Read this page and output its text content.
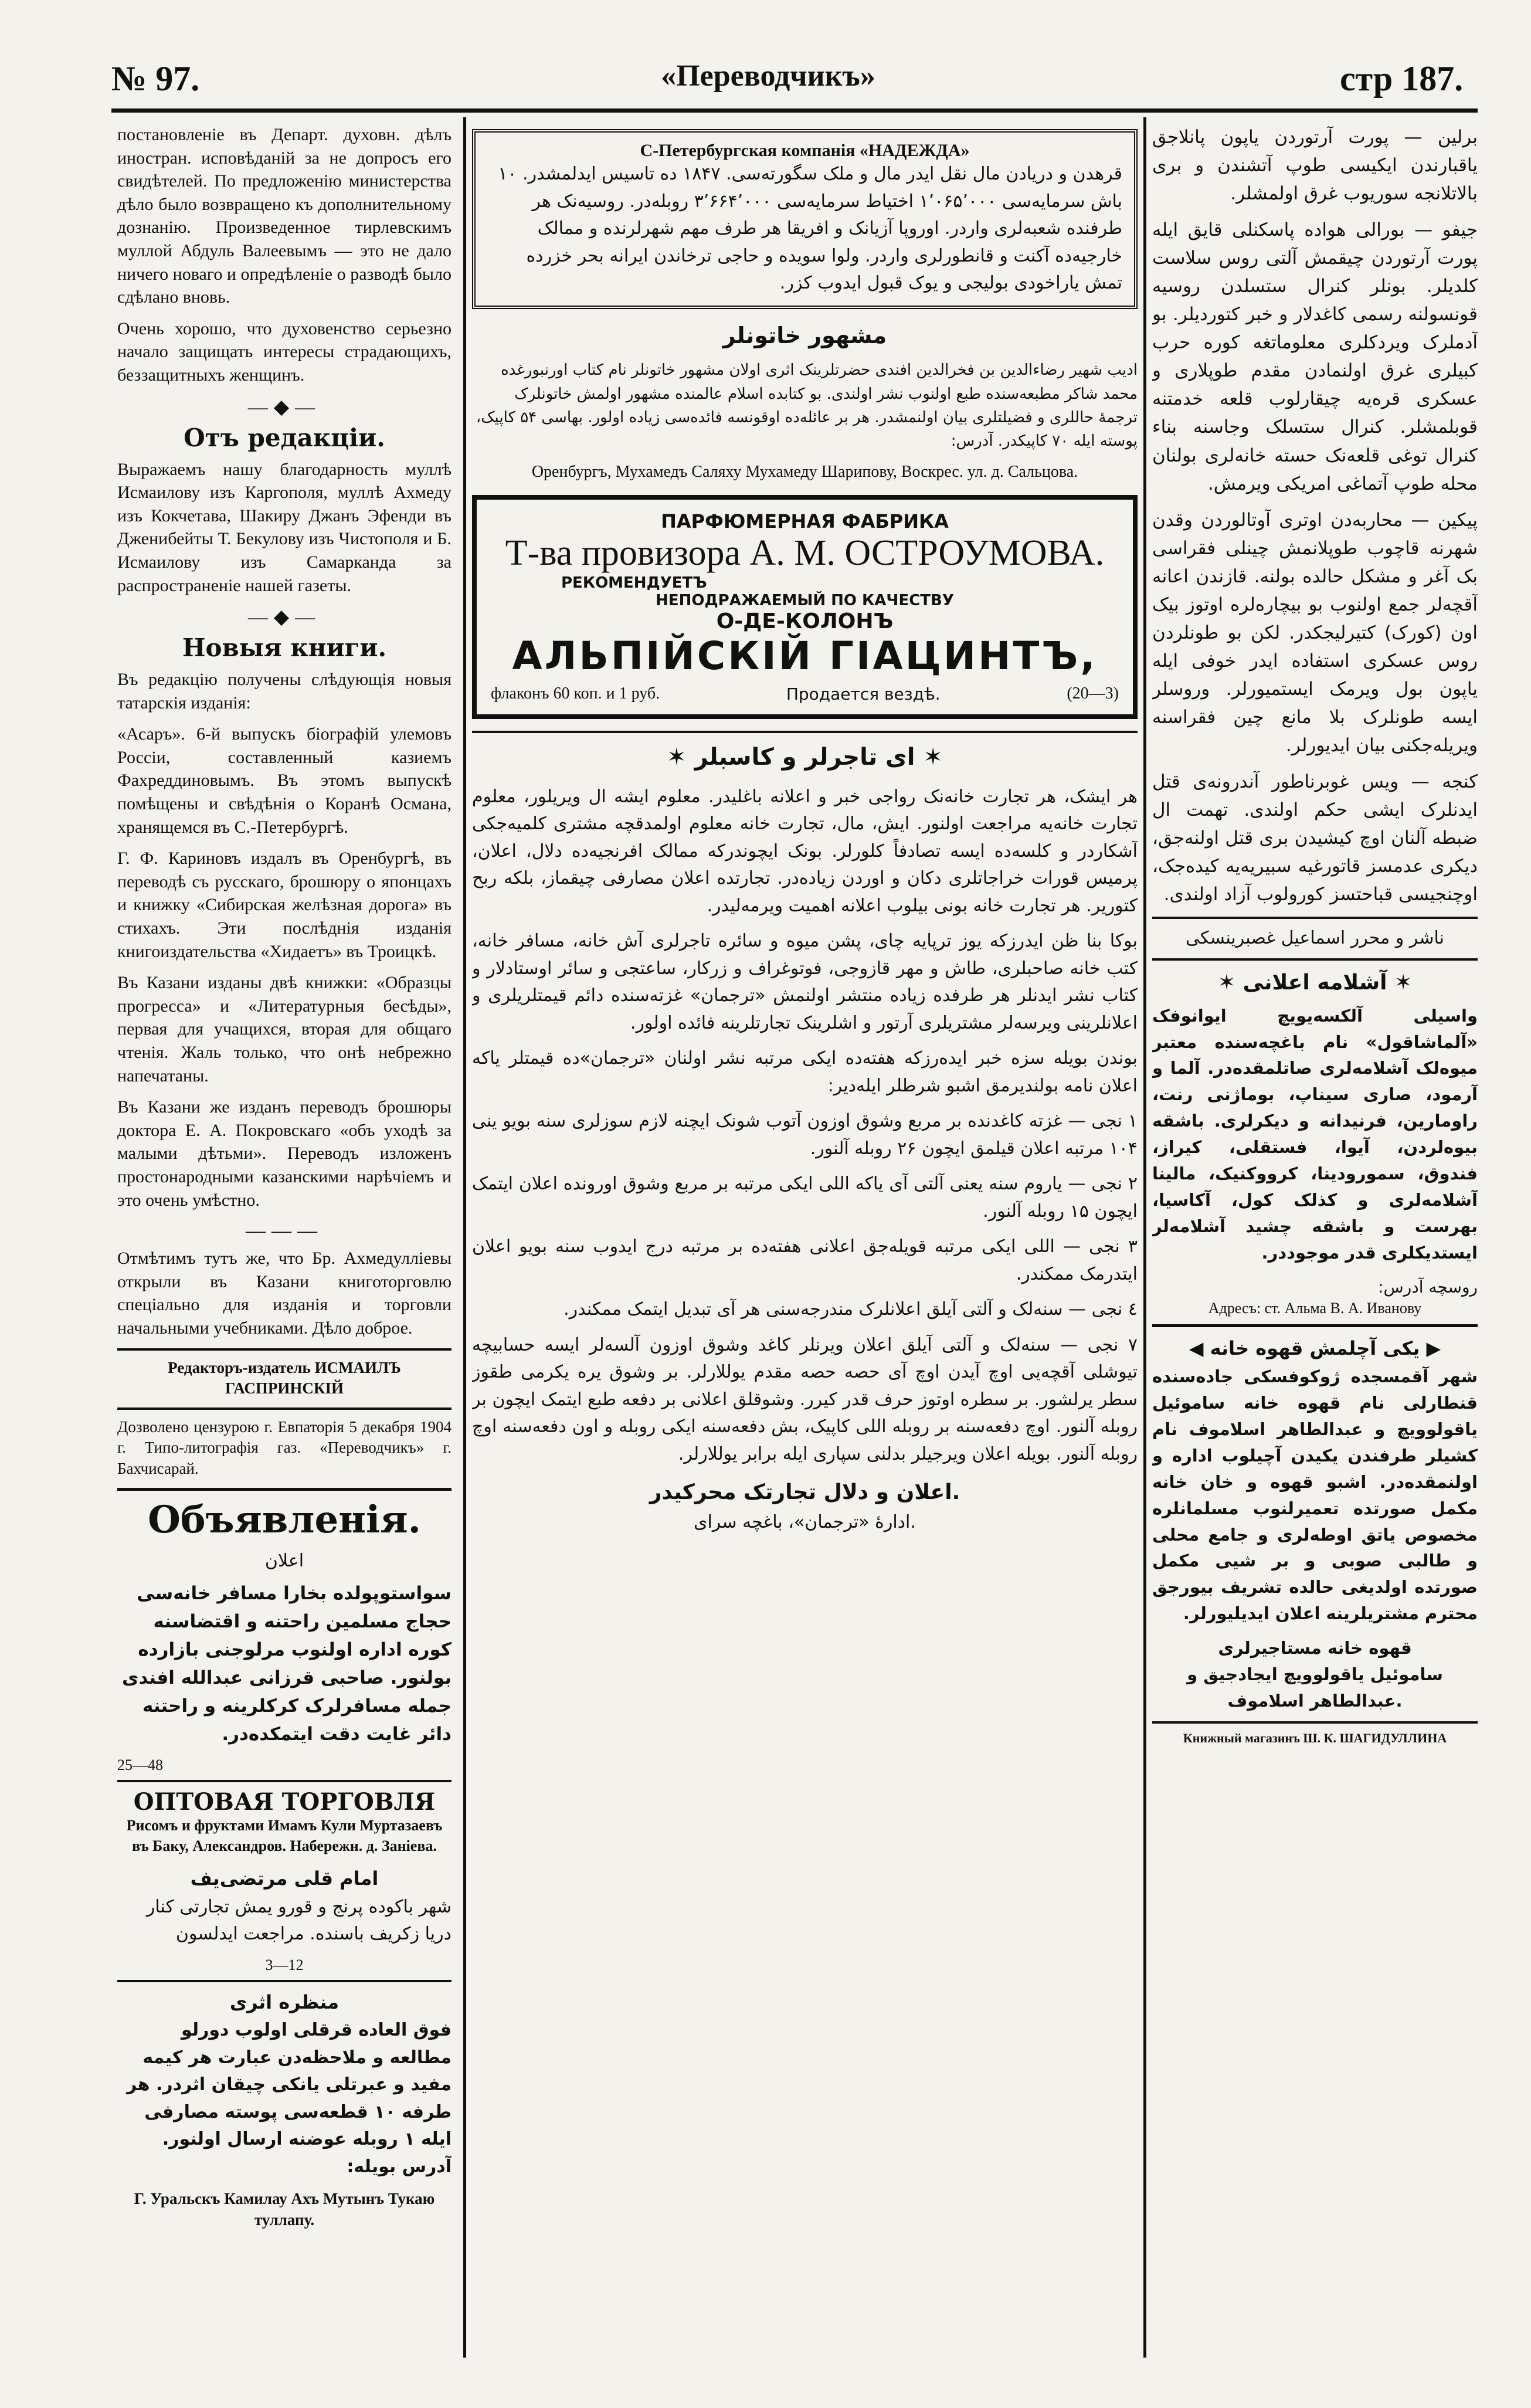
№ 97.	«Переводчикъ»	стр 187.

постановленіе въ Департ. духовн. дѣлъ иностран. исповѣданій за не допросъ его свидѣтелей. По предложенію министерства дѣло было возвращено къ дополнительному дознанію. Произведенное тирлевскимъ муллой Абдуль Валеевымъ — это не дало ничего новаго и опредѣленіе о разводѣ было сдѣлано вновь.

Очень хорошо, что духовенство серьезно начало защищать интересы страдающихъ, беззащитныхъ женщинъ.

—◆—
Отъ редакціи.

Выражаемъ нашу благодарность муллѣ Исмаилову изъ Каргополя, муллѣ Ахмеду изъ Кокчетава, Шакиру Джанъ Эфенди въ Дженибейты Т. Бекулову изъ Чистополя и Б. Исмаилову изъ Самарканда за распространеніе нашей газеты.

—◆—
Новыя книги.

Въ редакцію получены слѣдующія новыя татарскія изданія:

«Асаръ». 6-й выпускъ біографій улемовъ Россіи, составленный казиемъ Фахреддиновымъ. Въ этомъ выпускѣ помѣщены и свѣдѣнія о Коранѣ Османа, хранящемся въ С.-Петербургѣ.

Г. Ф. Кариновъ издалъ въ Оренбургѣ, въ переводѣ съ русскаго, брошюру о японцахъ и книжку «Сибирская желѣзная дорога» въ стихахъ. Эти послѣднія изданія книгоиздательства «Хидаетъ» въ Троицкѣ.

Въ Казани изданы двѣ книжки: «Образцы прогресса» и «Литературныя бесѣды», первая для учащихся, вторая для общаго чтенія. Жаль только, что онѣ небрежно напечатаны.

Въ Казани же изданъ переводъ брошюры доктора Е. А. Покровскаго «объ уходѣ за малыми дѣтьми». Переводъ изложенъ простонародными казанскими нарѣчіемъ и это очень умѣстно.

———

Отмѣтимъ тутъ же, что Бр. Ахмедулліевы открыли въ Казани книготорговлю спеціально для изданія и торговли начальными учебниками. Дѣло доброе.

Редакторъ-издатель ИСМАИЛЪ ГАСПРИНСКІЙ

Дозволено цензурою г. Евпаторія 5 декабря 1904 г. Типо-литографія газ. «Переводчикъ» г. Бахчисарай.

Объявленія.
اعلان

سواستوپولده بخارا مسافر خانه‌سی حجاج مسلمین راحتنه و اقتضاسنه کوره اداره اولنوب مرلوجنی بازارده بولنور. صاحبی قرزانی عبدالله افندی جمله مسافرلرک کرکلرینه و راحتنه دائر غایت دقت ایتمکده‌در.

25—48
ОПТОВАЯ ТОРГОВЛЯ

Рисомъ и фруктами Имамъ Кули Муртазаевъ въ Баку, Александров. Набережн. д. Заніева.

امام قلی مرتضی‌یف

شهر باکوده پرنج و قورو یمش تجارتی کنار دریا زکریف باسنده. مراجعت ایدلسون

3—12
منظره اثری

فوق العاده قرقلی اولوب دورلو مطالعه و ملاحظه‌دن عبارت هر کیمه مفید و عبرتلی یانکی چیقان اثردر. هر طرفه ۱۰ قطعه‌سی پوسته مصارفی ایله ۱ روبله عوضنه ارسال اولنور. آدرس بویله:

Г. Уральскъ Камилау Ахъ Мутынъ Тукаю туллапу.

С-Петербургская компанія «НАДЕЖДА»

قرهدن و دریادن مال نقل ایدر مال و ملک سگورته‌سی. ۱۸۴۷ ده تاسیس ایدلمشدر. ۱۰ باش سرمایه‌سی ۱٬۰۶۵٬۰۰۰ اختیاط سرمایه‌سی ۳٬۶۶۴٬۰۰۰ روبله‌در. روسیه‌نک هر طرفنده شعبه‌لری واردر. اوروپا آزیانک و افریقا هر طرف مهم شهرلرنده و ممالک خارجیه‌ده آکنت و قانطورلری واردر. ولوا سویده و حاجی ترخاندن ایرانه بحر خزرده تمش یاراخودی بولیجی و یوک قبول ایدوب کزر.

مشهور خاتونلر

ادیب شهیر رضاءالدین بن فخرالدین افندی حضرتلرینک اثری اولان مشهور خاتونلر نام کتاب اورنبورغده محمد شاکر مطبعه‌سنده طبع اولنوب نشر اولندی. بو کتابده اسلام عالمنده مشهور اولمش خاتونلرک ترجمهٔ حاللری و فضیلتلری بیان اولنمشدر. هر بر عائله‌ده اوقونسه فائده‌سی زیاده اولور. بهاسی ۵۴ کاپیک، پوسته ایله ۷۰ کاپیکدر. آدرس:

Оренбургъ, Мухамедъ Саляху Мухамеду Шарипову, Воскрес. ул. д. Сальцова.

ПАРФЮМЕРНАЯ ФАБРИКА
Т-ва провизора А. М. ОСТРОУМОВА.
РЕКОМЕНДУЕТЪ
НЕПОДРАЖАЕМЫЙ ПО КАЧЕСТВУ
О-ДЕ-КОЛОНЪ
АЛЬПІЙСКІЙ ГІАЦИНТЪ,
флаконъ 60 коп. и 1 руб.	Продается вездѣ.	(20—3)
✶ ای تاجرلر و کاسبلر ✶

هر ایشک، هر تجارت خانه‌نک رواجی خبر و اعلانه باغلیدر. معلوم ایشه ال ویریلور، معلوم تجارت خانه‌یه مراجعت اولنور. ایش، مال، تجارت خانه معلوم اولمدقچه مشتری کلمیه‌جکی آشکاردر و کلسه‌ده ایسه تصادفاً کلورلر. بونک ایچوندرکه ممالک افرنجیه‌ده دلال، اعلان، پرمیس قورات خراجاتلری دکان و اوردن زیاده‌در. تجارتده اعلان مصارفی چیقماز، بلکه ربح کتوریر. هر تجارت خانه بونی بیلوب اعلانه اهمیت ویرمه‌لیدر.

بوکا بنا ظن ایدرزکه یوز ترپایه چای، پشن میوه و سائره تاجرلری آش خانه، مسافر خانه، کتب خانه صاحبلری، طاش و مهر قازوجی، فوتوغراف و زرکار، ساعتجی و سائر اوستادلار و کتاب نشر ایدنلر هر طرفده زیاده منتشر اولنمش «ترجمان» غزته‌سنده دائم قیمتلریلری و اعلانلرینی ویرسه‌لر مشتریلری آرتور و اشلرینک تجارتلرینه فائده اولور.

بوندن بویله سزه خبر ایده‌رزکه هفته‌ده ایکی مرتبه نشر اولنان «ترجمان»ده قیمتلر یاکه اعلان نامه بولندیرمق اشبو شرطلر ایله‌دیر:

۱ نجی — غزته کاغدنده بر مربع وشوق اوزون آتوب شونک ایچنه لازم سوزلری سنه بویو ینی ۱۰۴ مرتبه اعلان قیلمق ایچون ۲۶ روبله آلنور.

۲ نجی — یاروم سنه یعنی آلتی آی یاکه اللی ایکی مرتبه بر مربع وشوق اورونده اعلان ایتمک ایچون ۱۵ روبله آلنور.

۳ نجی — اللی ایکی مرتبه قویله‌جق اعلانی هفته‌ده بر مرتبه درج ایدوب سنه بویو اعلان ایتدرمک ممکندر.

٤ نجی — سنه‌لک و آلتی آیلق اعلانلرک مندرجه‌سنی هر آی تبدیل ایتمک ممکندر.

۷ نجی — سنه‌لک و آلتی آیلق اعلان ویرنلر کاغد وشوق اوزون آلسه‌لر ایسه حسابیچه تیوشلی آقچه‌یی اوچ آیدن اوچ آی حصه حصه مقدم یوللارلر. بر وشوق یره یکرمی طقوز سطر یرلشور. بر سطره اوتوز حرف قدر کیرر. وشوقلق اعلانی بر دفعه طبع ایتمک ایچون بر روبله آلنور. اوچ دفعه‌سنه بر روبله اللی کاپیک، بش دفعه‌سنه ایکی روبله و اون دفعه‌سنه اوچ روبله آلنور. بویله اعلان ویرجیلر بدلنی سپاری ایله برابر یوللارلر.

اعلان و دلال تجارتک محرکیدر.
ادارهٔ «ترجمان»، باغچه سرای.

برلین — پورت آرتوردن یاپون پانلاجق یاقبارندن ایکیسی طوپ آتشندن و بری بالاتلانجه سوریوب غرق اولمشلر.

جیفو — بورالی هواده پاسکنلی قایق ایله پورت آرتوردن چیقمش آلتی روس سلاست کلدیلر. بونلر کنرال ستسلدن روسیه قونسولنه رسمی کاغدلار و خبر کتوردیلر. بو آدملرک ویردکلری معلوماتغه کوره حرب کبیلری غرق اولنمادن مقدم طوپلاری و عسکری قره‌یه چیقارلوب قلعه خدمتنه قوبلمشلر. کنرال ستسلک وجاسنه بناء کنرال توغی قلعه‌نک حسته خانه‌لری بولنان محله طوپ آتماغی امریکی ویرمش.

پیکین — محاربه‌دن اوتری آوتالوردن وقدن شهرنه قاچوب طوپلانمش چینلی فقراسی بک آغر و مشکل حالده بولنه. قازندن اعانه آقچه‌لر جمع اولنوب بو بیچاره‌لره اوتوز بیک اون (کورک) کتیرلیجکدر. لکن بو طونلردن روس عسکری استفاده ایدر خوفی ایله یاپون بول ویرمک ایستمیورلر. وروسلر ایسه طونلرک بلا مانع چین فقراسنه ویریله‌جکنی بیان ایدیورلر.

کنجه — ویس غوبرناطور آندرونه‌ی قتل ایدنلرک ایشی حکم اولندی. تهمت ال ضبطه آلنان اوچ کیشیدن بری قتل اولنه‌جق، دیکری عدمسز قاتورغیه سبیریه‌یه کیده‌جک، اوچنجیسی قباحتسز کورولوب آزاد اولندی.

ناشر و محرر اسماعیل غصبرینسکی
✶ آشلامه اعلانی ✶

واسیلی آلکسه‌یویچ ایوانوفک «آلماشاقول» نام باغچه‌سنده معتبر میوه‌لک آشلامه‌لری صاتلمقده‌در. آلما و آرمود، صاری سیناپ، بوماژنی رنت، راومارین، فرنیدانه و دیکرلری. باشقه بیوه‌لردن، آیوا، فستقلی، کیراز، فندوق، سمورودینا، کرووکنیک، مالینا آشلامه‌لری و کذلک کول، آکاسیا، بهرست و باشقه چشید آشلامه‌لر ایستدیکلری قدر موجوددر.

روسچه آدرس:
Адресъ: ст. Альма В. А. Иванову
◀ یکی آچلمش قهوه خانه ▶

شهر آقمسجده ژوکوفسکی جاده‌سنده قنطارلی نام قهوه خانه ساموئیل یاقولوویچ و عبدالطاهر اسلاموف نام کشیلر طرفندن یکیدن آچیلوب اداره و اولنمقده‌در. اشبو قهوه و خان خانه مکمل صورتده تعمیرلنوب مسلمانلره مخصوص یاتق اوطه‌لری و جامع محلی و طالبی صوبی و بر شیی مکمل صورتده اولدیغی حالده تشریف بیورجق محترم مشتریلرینه اعلان ایدیلیورلر.

قهوه خانه مستاجیرلری
ساموئیل یاقولوویچ ایجادجیق و عبدالطاهر اسلاموف.
Книжный магазинъ Ш. К. ШАГИДУЛЛИНА
